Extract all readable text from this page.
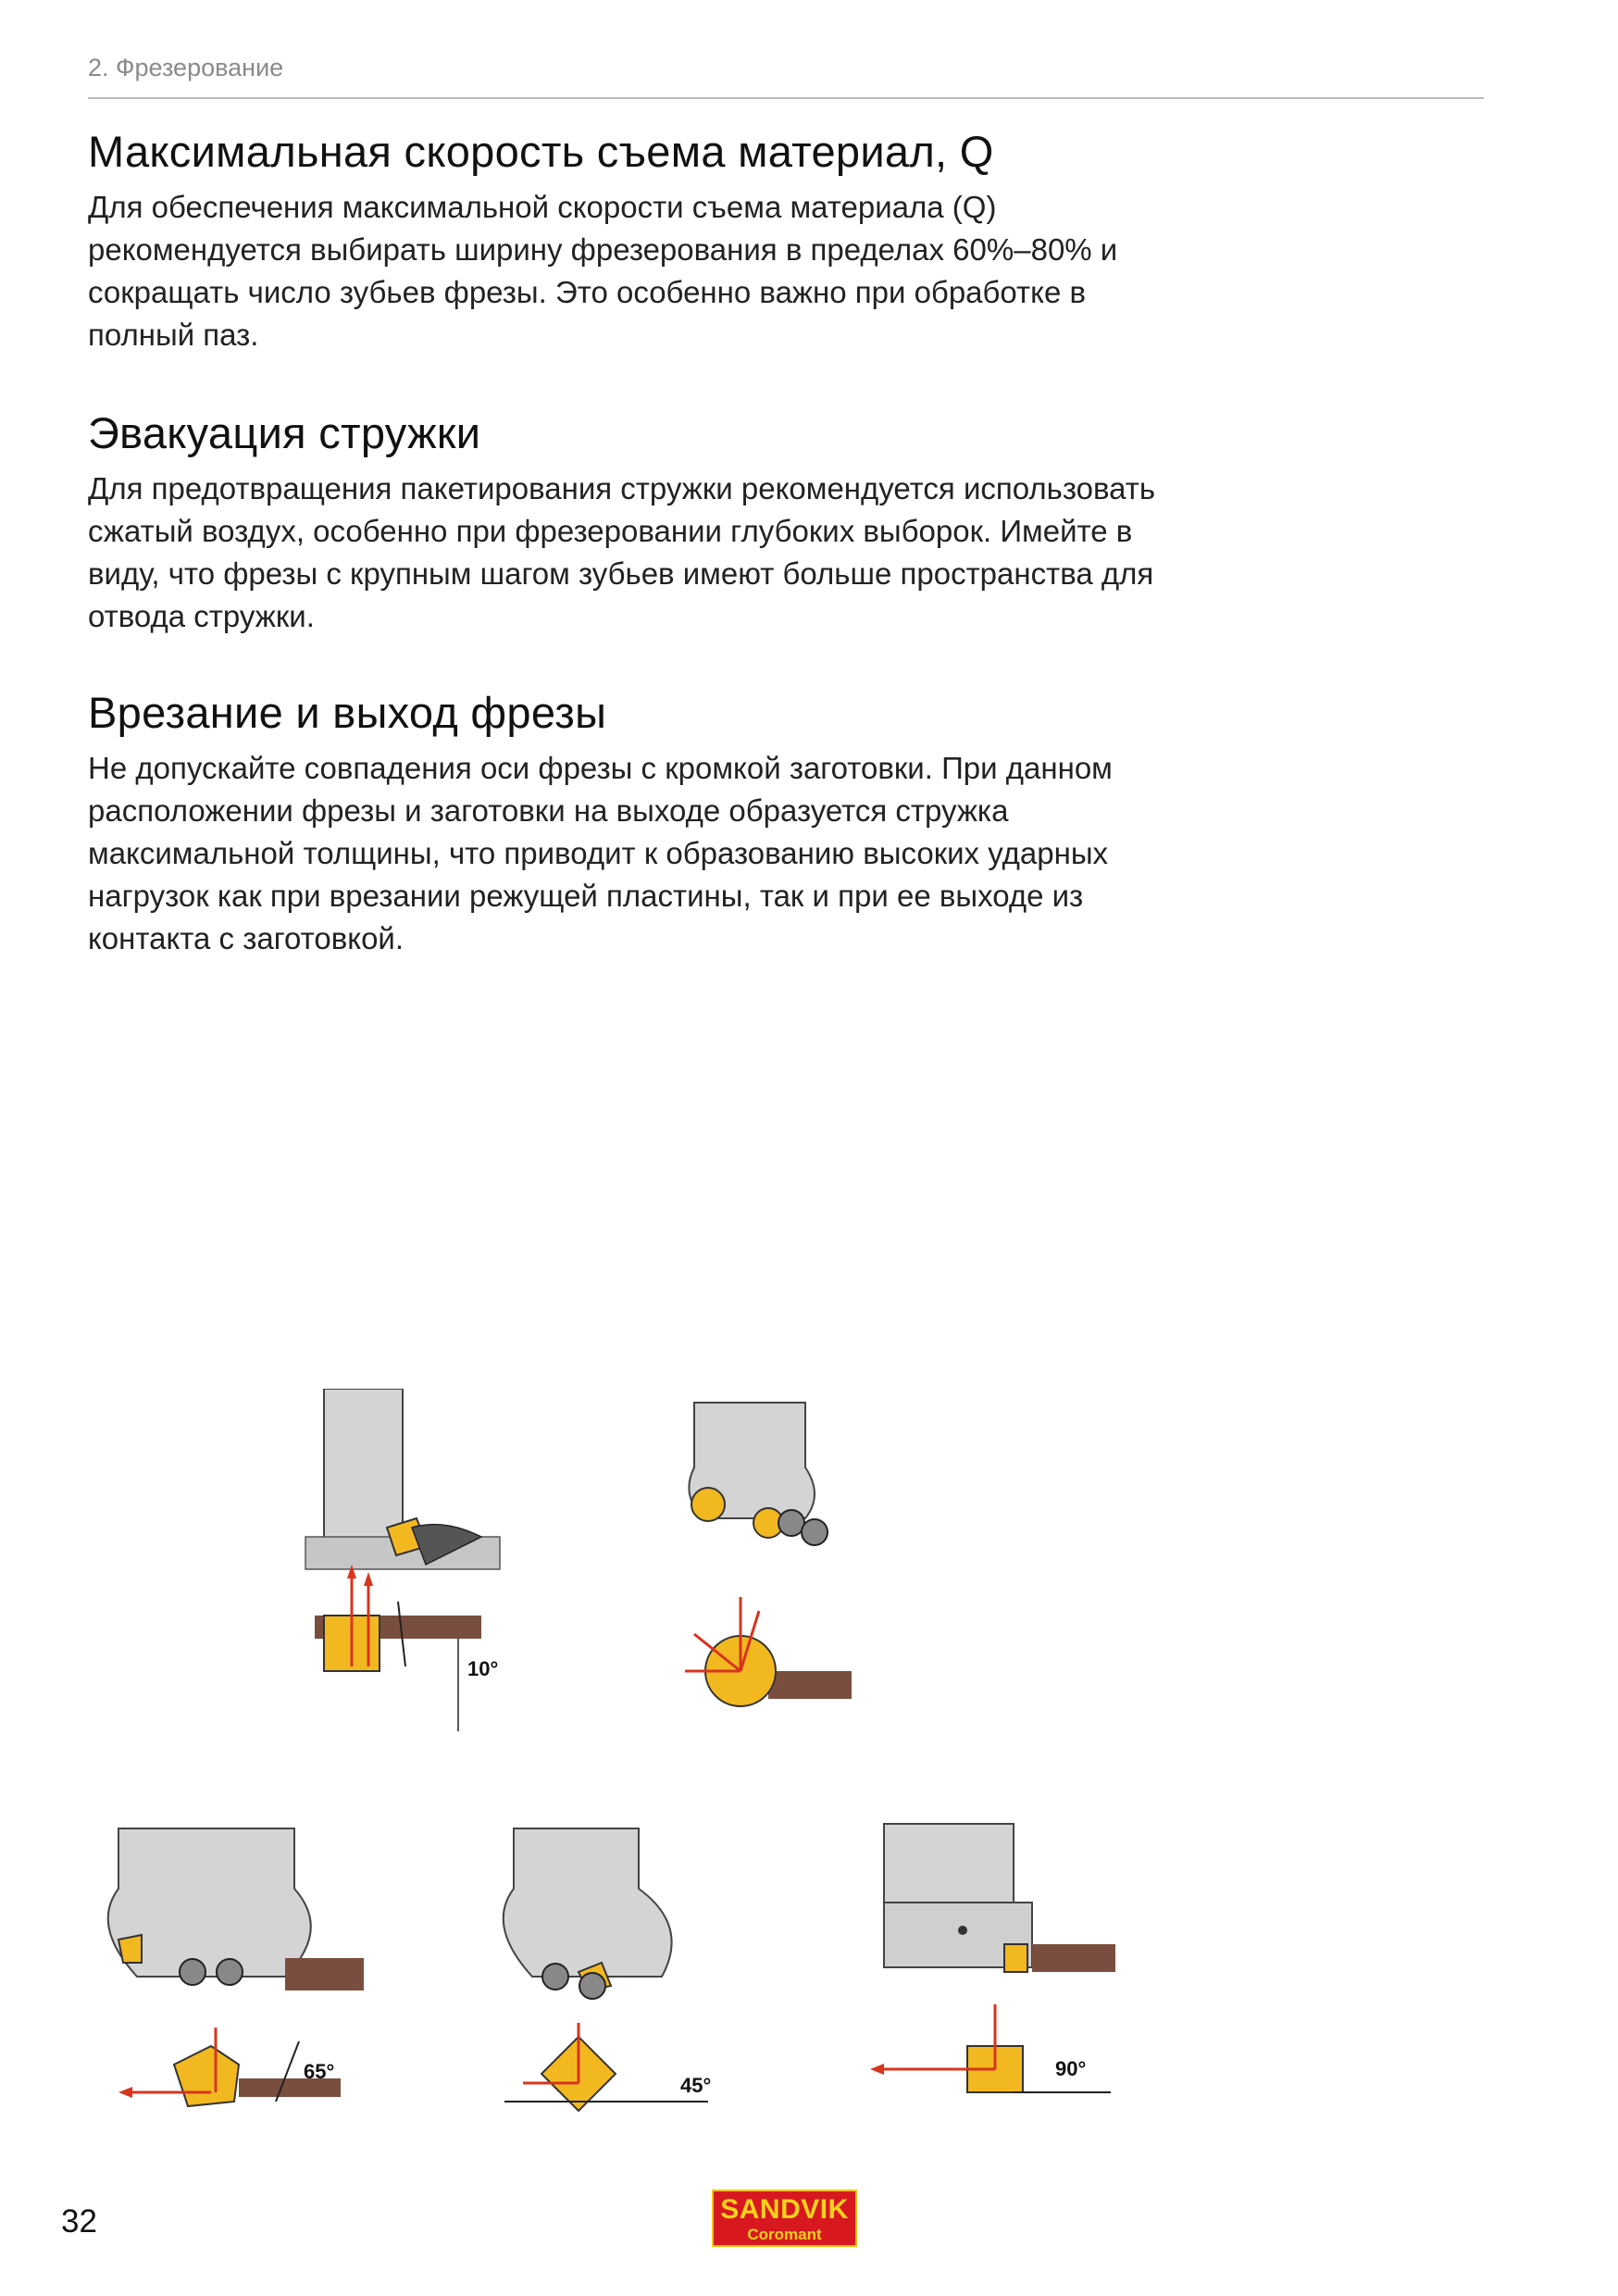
2. Фрезерование
Максимальная скорость съема материал, Q

Для обеспечения максимальной скорости съема материала (Q) рекомендуется выбирать ширину фрезерования в пределах 60%–80% и сокращать число зубьев фрезы. Это особенно важно при обработке в полный паз.

Эвакуация стружки

Для предотвращения пакетирования стружки рекомендуется использовать сжатый воздух, особенно при фрезеровании глубоких выборок. Имейте в виду, что фрезы с крупным шагом зубьев имеют больше пространства для отвода стружки.

Врезание и выход фрезы

Не допускайте совпадения оси фрезы с кромкой заготовки. При данном расположении фрезы и заготовки на выходе образуется стружка максимальной толщины, что приводит к образованию высоких ударных нагрузок как при врезании режущей пластины, так и при ее выходе из контакта с заготовкой.

10°
65°
45°
90°
32	SANDVIK
Coromant
